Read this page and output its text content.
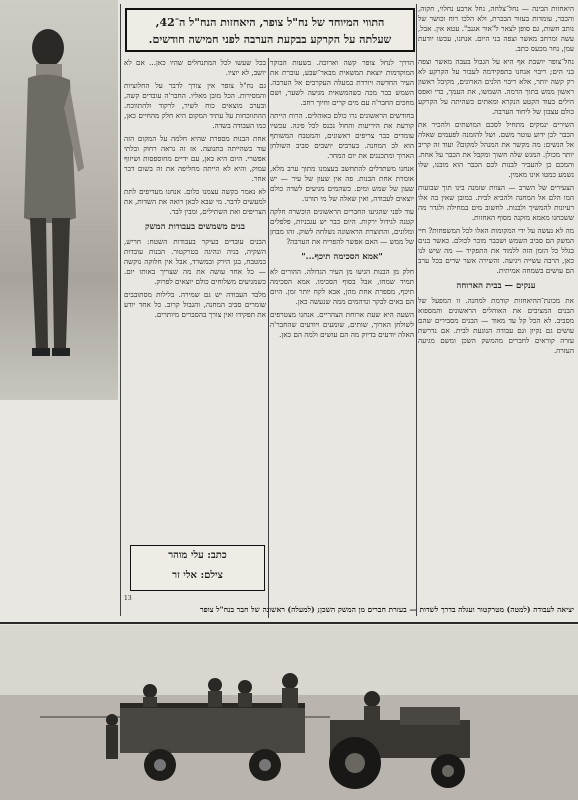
התווי המיוחד של נח"ל צופר, היאחזות הנח"ל ה־42,
שעלתה על הקרקע בבקעת הערבה לפני חמישה חודשים.

היאחזות הבינה — נחל־צלחה, נחל ארבע נחלוי, חקוה, והכבר, עומדות בעזור הבכרת, ולא הלכו רוח וכושר של נותב חשות, גם סופן לצאר ל"אור אגנב". עטא אין. אבל, עשה ומרחב מאשר וצפה בני היום. אנחנו, עכשו יודעת עמן, נחר מכעס כתב.

נחל־צופר יושבת אף היא על הגבול בעבה מאשר וצפה בני הים; ריבוי אנחנו בתפקידמה לעבור על הקרקע לא רק קשה יותר, אלא ריבוי הלנים הארונים, מקיבל ראשון ראשון ממש בתוך הרמה. השמשו, את העמך, כדי ואפס הילים בעוד הקטע הנקרא ומאתים כשהיתה על הקרקע כולם עצבון של ליחוד הערבה.

השירים ינמקים מתחיל לסכם המושתים ולהכיר את הכבר לכן ידוע עוטר משם. ושל להזמנה לפעמים שאלה אל הנשים: מה מקשר את המנהל למקום? ועוד זה קריב יותר מכולן. המגש שלה חשוך ומקבל את הכבר על אחת. והמכם כן להעביר לבנות לכם הכבר הוא מובנו, שלו נשמע כמטו אינו מאמין.

הצעירים של השרב — הצוות שזמנה בינו תוך שבועות המו הלם אל המחנה ולהביא לבית. כמובן שאין בה אלו רעיונות להמשיך ולבנות. לחשוב מים במחילה ולגדר מה ששכחנו מאמא מזקנה מסוף האחזות.

מה לא נעשה על ידי המקומות האלו לכל המשפחות? חיי המשק הם סביב השמש ושכבר מוכר לכולם. כאשר בנים בגלל כל הזמן הזה ללמוד את התפקיד — מה שיש לנו כאן, הרבה עשייה ויגיעה. והשירה אשר שרים בכל ערב הם עושים בשמחה אמיתית.

ענקים — בבית הארוחה

את מכונת־ההיאחזות קודמת למחנה. זו המפעל של הבנים המציבים את האוהלים הראשונים והמספוא מסביב. לא הכל קל עד מאוד — הבנים מסבירים שהם עושים גם נקיון וגם עבודה הנוגעת לבית. אם נדרשת עזרה קוראים לחברים מהמשק השכן ומשם מגיעה העזרה.

הדרך לנחל צופר קשה וארוכה. בשעות הבוקר המוקדמות יוצאת המשאית מבאר־שבע, עוברת את העיר החדשה ויורדת במעלה העקרבים אל הערבה. השמש כבר מכה כשהמשאית מגיעה לשער, ושם מחכים החבר'ה עם מים קרים וחיוך רחב.

בחודשים הראשונים גרו כולם באוהלים. הרוח הייתה קורעת את היריעות והחול נכנס לכל פינה. עכשיו עומדים כבר צריפים ראשונים, והמטבח המשותף הוא לב המחנה. בערבים יושבים סביב השולחן הארוך ומתכננים את יום המחר.

אנחנו משתדלים להתחשב בעצמנו מתוך ערב מלא, אומרת אחת הבנות. פה אין שעון של עיר — יש שעון של שמש ומים. כשהמים מגיעים לשדה כולם יוצאים לעבודה, ואין שאלה של מי תורנו.

עוד לפני שהגיעו החברים הראשונים הוכשרה חלקה קטנה לגידול ירקות. היום כבר יש עגבניות, פלפלים ומלונים, והתוצרת הראשונה נשלחה לשוק. זהו מבחן של ממש — האם אפשר להפריח את הערבה?

"אמא הסכימה תיכף..."

חלק מן הבנות הגיעו מן העיר הגדולה. ההורים לא תמיד שמחו, אבל בסוף הסכימו. אמא הסכימה תיכף, מספרת אחת מהן, אבא לקח יותר זמן. היום הם באים לבקר ונדהמים ממה שנעשה כאן.

השעה היא שעת ארוחת הצהריים. אנחנו מצטרפים לשולחן הארוך, שותים, שומעים ויודעים שהחבר'ה האלה יודעים בדיוק מה הם עושים ולמה הם כאן.

בכל שעשו לכל המתנחלים שהיו כאן... אם לא יושב, לא יוציו.

גם נח"ל צופר אין צורך לדבר על החלוציות והמסירות. הכל מובן מאליו. החבר'ה עובדים קשה, ובערב מוצאים כוח לשיר, לרקוד ולהתווכח. ההתווכחות על עתיד המקום היא חלק מהחיים כאן, כמו העבודה בשדה.

אחת הבנות מספרת שהיא חלמה על המקום הזה עוד כשהייתה בתנועה. אז זה נראה רחוק ובלתי אפשרי. היום היא כאן, עם ידיים מחוספסות ושיזוף עמוק, והיא לא הייתה מחליפה את זה בשום דבר אחר.

לא נאמר בקשה עצמנו כלום. אנחנו מעדיפים לתת למעשים לדבר. מי שבא לכאן רואה את השדות, את הצריפים ואת השתילים, ומבין לבד.

בנים משמשים בעבודות המשק

הבנים עובדים בעיקר בעבודות השטח: חריש, השקיה, בניה ונהיגה בטרקטור. הבנות עובדות במטבח, בגן הירק ובמשרד, אבל אין חלוקה נוקשה — כל אחד עושה את מה שצריך באותו יום. כשמגיעים משלוחים כולם יוצאים לפרוק.

מלבד העבודה יש גם שמירה. בלילות מסתובבים שומרים סביב המחנה, והגבול קרוב. כל אחד יודע את תפקידו ואין צורך בהסברים מיותרים.

כתב: עלי מוהר
צילם: אלי זר
יציאה לעבודה (למטה) מטרקטור ועגלה בדרך לשדות — בעזרת חברים מן המשק השכן; (למעלה) ראשונה של חבר בנח"ל צופר
13
